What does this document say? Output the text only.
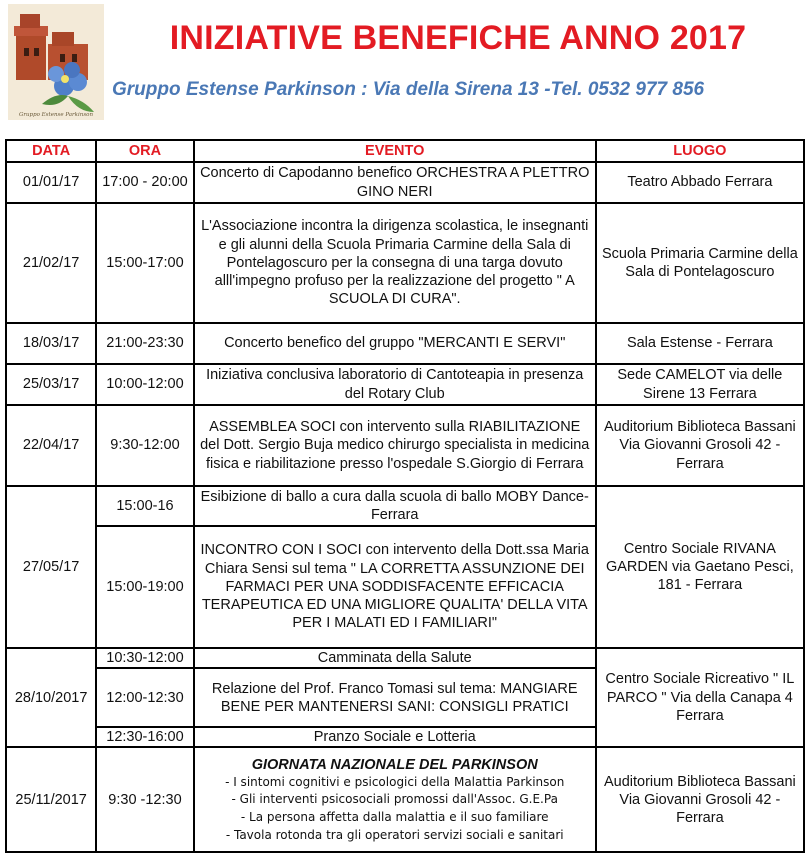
Gruppo Estense Parkinson
INIZIATIVE BENEFICHE ANNO 2017
Gruppo Estense Parkinson : Via della Sirena 13 -Tel. 0532 977 856
DATA	ORA	EVENTO	LUOGO
01/01/17	17:00 - 20:00	Concerto di Capodanno benefico ORCHESTRA A PLETTRO GINO NERI	Teatro Abbado Ferrara
21/02/17	15:00-17:00	L'Associazione incontra la dirigenza scolastica, le insegnanti e gli alunni della Scuola Primaria Carmine della Sala di Pontelagoscuro per la consegna di una targa dovuto alll'impegno profuso per la realizzazione del progetto " A SCUOLA DI CURA".	Scuola Primaria Carmine della Sala di Pontelagoscuro
18/03/17	21:00-23:30	Concerto benefico del gruppo "MERCANTI E SERVI"	Sala Estense - Ferrara
25/03/17	10:00-12:00	Iniziativa conclusiva laboratorio di Cantoteapia in presenza del Rotary Club	Sede CAMELOT via delle Sirene 13 Ferrara
22/04/17	9:30-12:00	ASSEMBLEA SOCI con intervento sulla RIABILITAZIONE del Dott. Sergio Buja medico chirurgo specialista in medicina fisica e riabilitazione presso l'ospedale S.Giorgio di Ferrara	Auditorium Biblioteca Bassani Via Giovanni Grosoli 42 - Ferrara
27/05/17	15:00-16	Esibizione di ballo a cura dalla scuola di ballo MOBY Dance- Ferrara	Centro Sociale RIVANA GARDEN via Gaetano Pesci, 181 - Ferrara
	15:00-19:00	INCONTRO CON I SOCI con intervento della Dott.ssa Maria Chiara Sensi sul tema " LA CORRETTA ASSUNZIONE DEI FARMACI PER UNA SODDISFACENTE EFFICACIA TERAPEUTICA ED UNA MIGLIORE QUALITA' DELLA VITA PER I MALATI ED I FAMILIARI"	
28/10/2017	10:30-12:00	Camminata della Salute	Centro Sociale Ricreativo " IL PARCO " Via della Canapa 4 Ferrara
	12:00-12:30	Relazione del Prof. Franco Tomasi sul tema: MANGIARE BENE PER MANTENERSI SANI: CONSIGLI PRATICI	
	12:30-16:00	Pranzo Sociale e Lotteria	
25/11/2017	9:30 -12:30	GIORNATA NAZIONALE DEL PARKINSON
- I sintomi cognitivi e psicologici della Malattia Parkinson
- Gli interventi psicosociali promossi dall'Assoc. G.E.Pa
- La persona affetta dalla malattia e il suo familiare
- Tavola rotonda tra gli operatori servizi sociali e sanitari	Auditorium Biblioteca Bassani Via Giovanni Grosoli 42 - Ferrara
